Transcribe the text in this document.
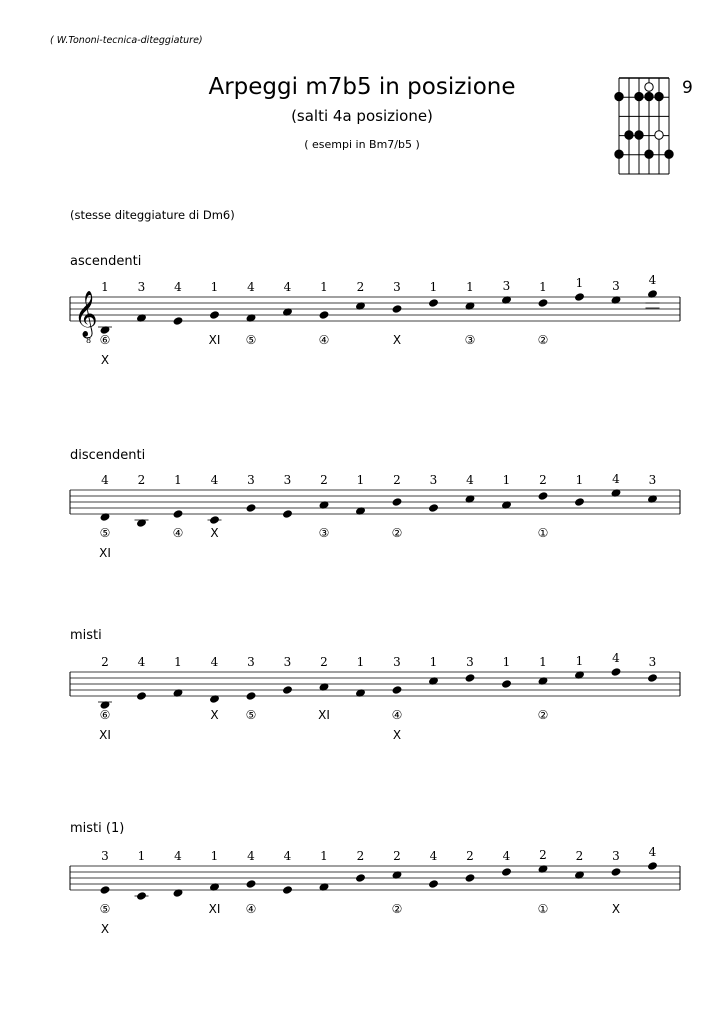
( W.Tononi-tecnica-diteggiature)
Arpeggi m7b5 in posizione
(salti 4a posizione)
( esempi in Bm7/b5 )
9
(stesse diteggiature di Dm6)
ascendenti
discendenti
misti
misti (1)
𝄞
8
1 3 4 1 4 4 1 2 3 1 1 3 1 1 3 4
⑥
X
XI ⑤	④	X	③	②
4 2 1 4 3 3 2 1 2 3 4 1 2 1 4 3
⑤
XI
④ X	③	②	①
2 4 1 4 3 3 2 1 3 1 3 1 1 1 4 3
⑥
XI
X ⑤	XI	④
X
②
3 1 4 1 4 4 1 2 2 4 2 4 2 2 3 4
⑤
X
XI ④	②	①	X
